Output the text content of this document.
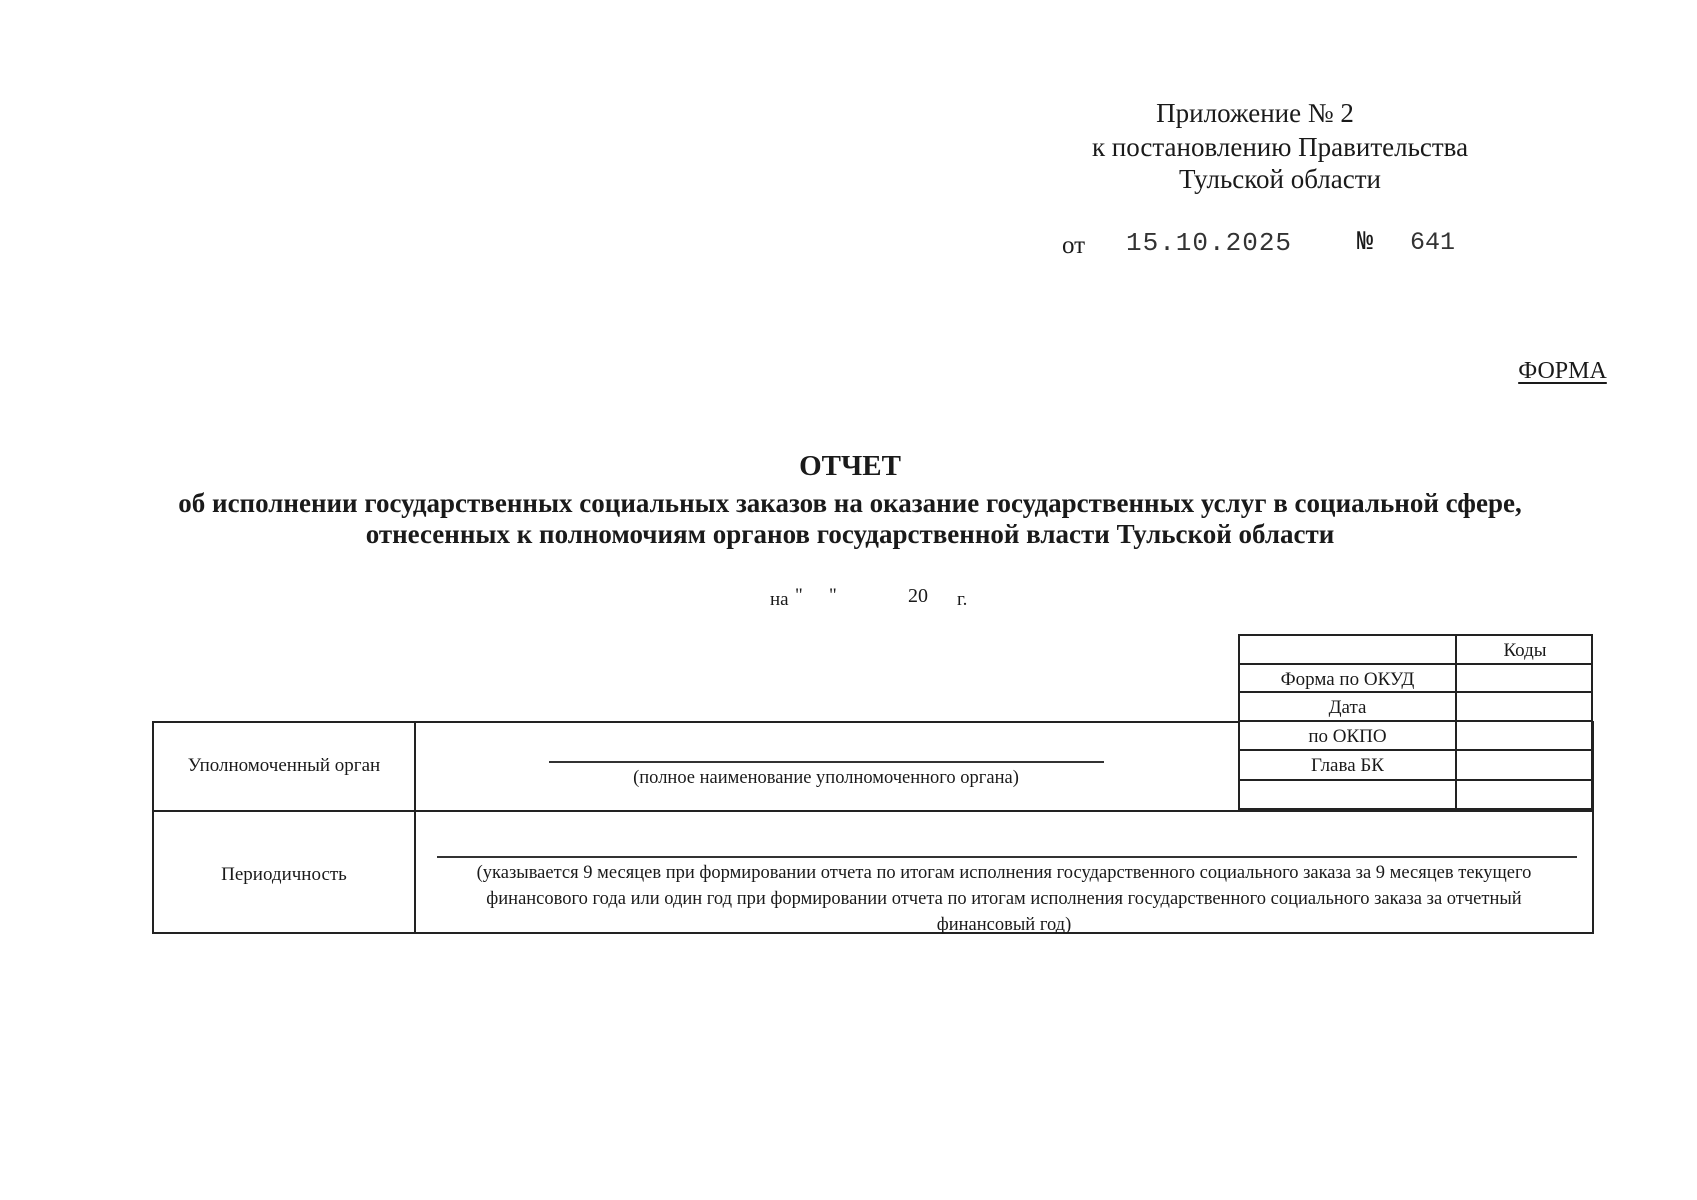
Приложение № 2
к постановлению Правительства
Тульской области
от 15.10.2025 № 641
ФОРМА
ОТЧЕТ
об исполнении государственных социальных заказов на оказание государственных услуг в социальной сфере,
отнесенных к полномочиям органов государственной власти Тульской области
на " "	20 г.
Коды
Форма по ОКУД
Дата
по ОКПО
Глава БК
Уполномоченный орган
(полное наименование уполномоченного органа)
Периодичность	(указывается 9 месяцев при формировании отчета по итогам исполнения государственного социального заказа за 9 месяцев текущего
финансового года или один год при формировании отчета по итогам исполнения государственного социального заказа за отчетный
финансовый год)
